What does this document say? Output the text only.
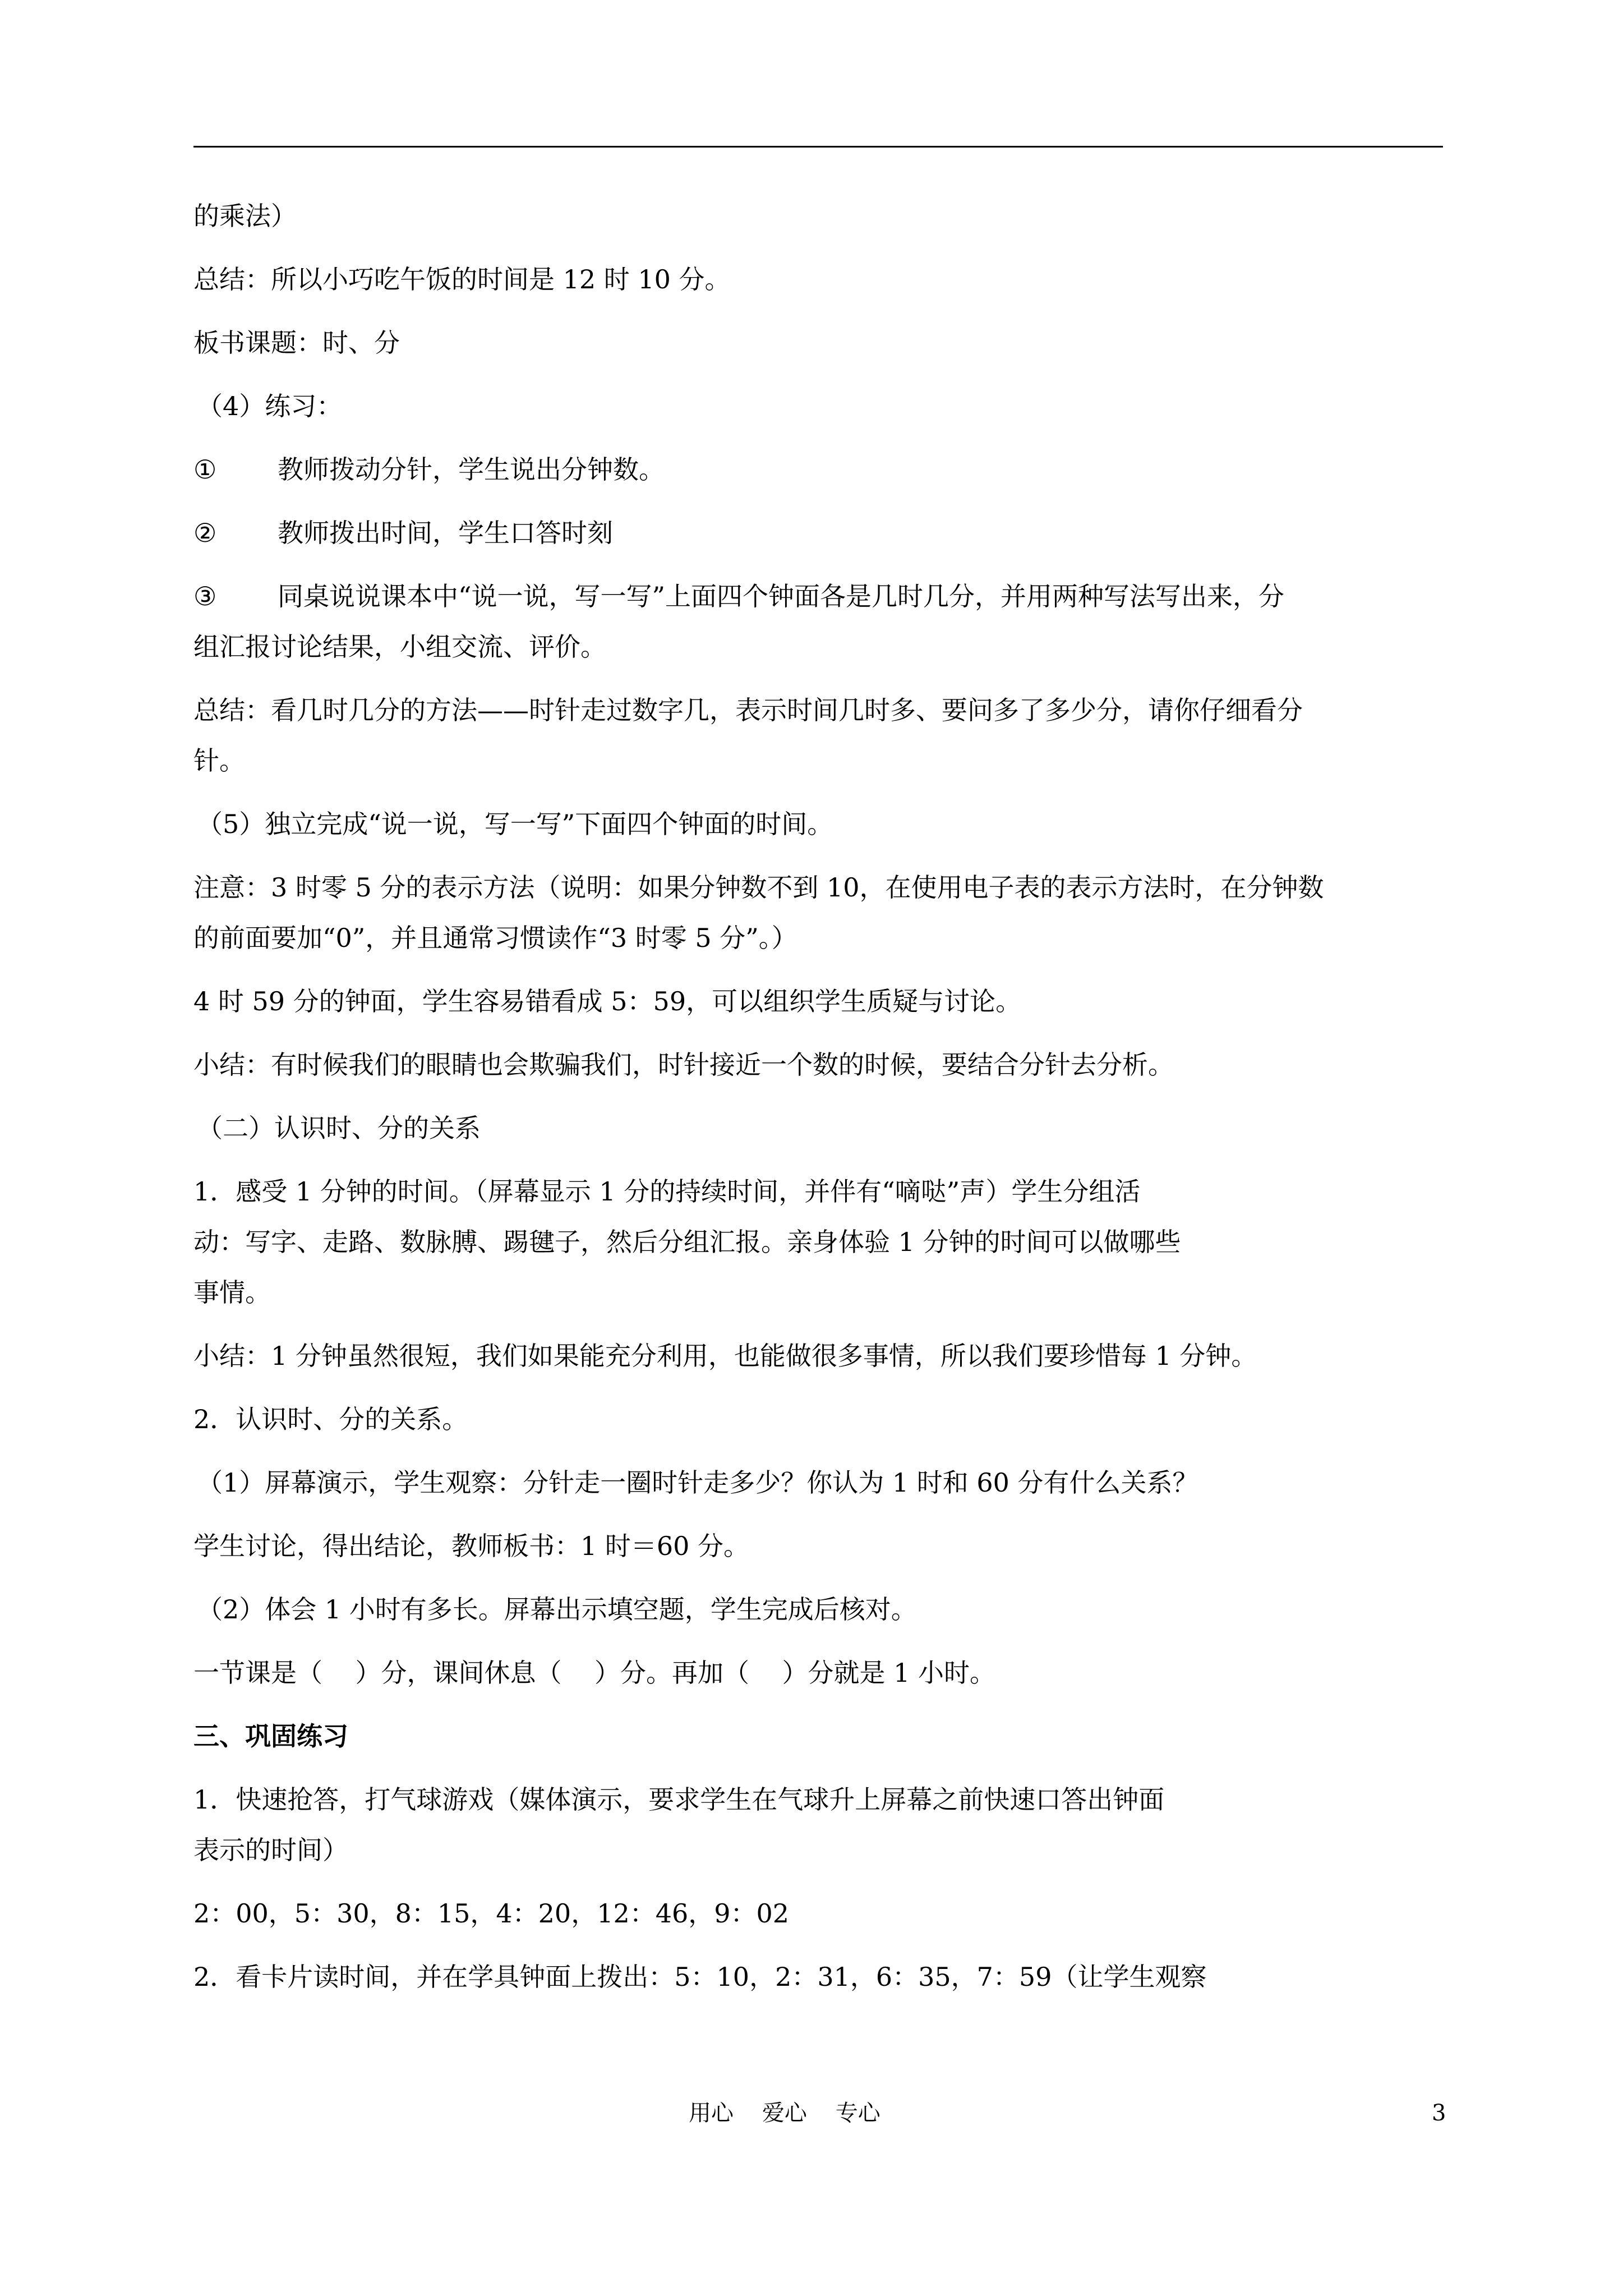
的乘法）
总结：所以小巧吃午饭的时间是 12 时 10 分。
板书课题：时、分
（4）练习：
① 教师拨动分针，学生说出分钟数。
② 教师拨出时间，学生口答时刻
③ 同桌说说课本中“说一说，写一写”上面四个钟面各是几时几分，并用两种写法写出来，分
组汇报讨论结果，小组交流、评价。
总结：看几时几分的方法——时针走过数字几，表示时间几时多、要问多了多少分，请你仔细看分
针。
（5）独立完成“说一说，写一写”下面四个钟面的时间。
注意：3 时零 5 分的表示方法（说明：如果分钟数不到 10，在使用电子表的表示方法时，在分钟数
的前面要加“0”，并且通常习惯读作“3 时零 5 分”。）
4 时 59 分的钟面，学生容易错看成 5：59，可以组织学生质疑与讨论。
小结：有时候我们的眼睛也会欺骗我们，时针接近一个数的时候，要结合分针去分析。
（二）认识时、分的关系
1．感受 1 分钟的时间。（屏幕显示 1 分的持续时间，并伴有“嘀哒”声）学生分组活
动：写字、走路、数脉膊、踢毽子，然后分组汇报。亲身体验 1 分钟的时间可以做哪些
事情。
小结：1 分钟虽然很短，我们如果能充分利用，也能做很多事情，所以我们要珍惜每 1 分钟。
2．认识时、分的关系。
（1）屏幕演示，学生观察：分针走一圈时针走多少？你认为 1 时和 60 分有什么关系？
学生讨论，得出结论，教师板书：1 时＝60 分。
（2）体会 1 小时有多长。屏幕出示填空题，学生完成后核对。
一节课是（    ）分，课间休息（    ）分。再加（    ）分就是 1 小时。
三、巩固练习
1．快速抢答，打气球游戏（媒体演示，要求学生在气球升上屏幕之前快速口答出钟面
表示的时间）
2：00，5：30，8：15，4：20，12：46，9：02
2．看卡片读时间，并在学具钟面上拨出：5：10，2：31，6：35，7：59（让学生观察
用心    爱心    专心	3
